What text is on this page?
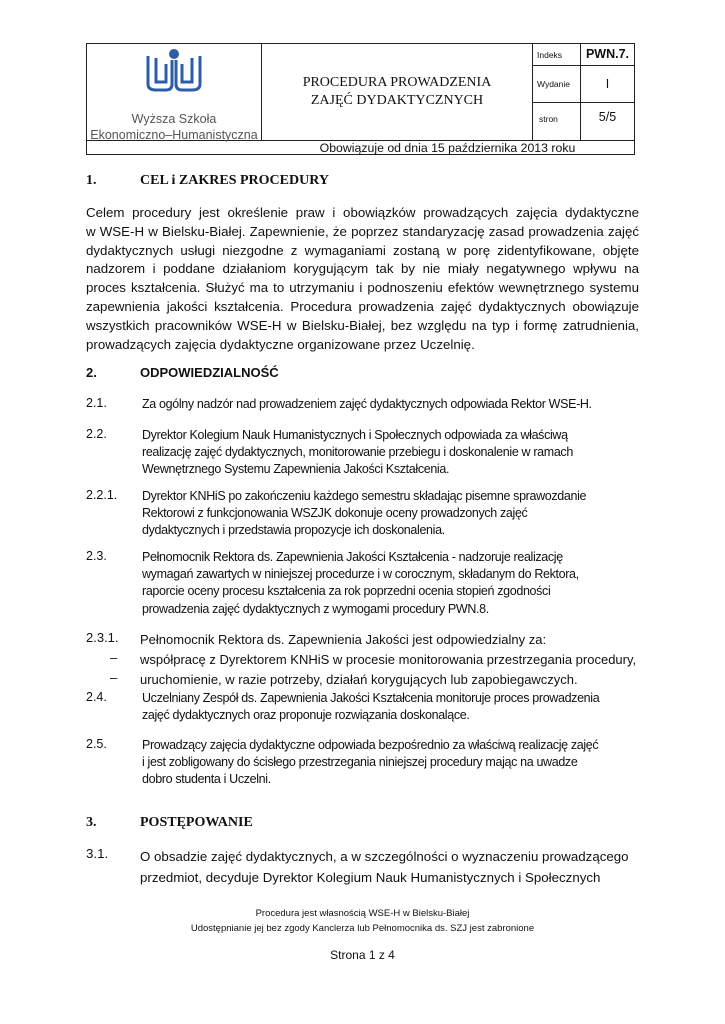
Wyższa Szkoła
Ekonomiczno–Humanistyczna
PROCEDURA PROWADZENIA
ZAJĘĆ DYDAKTYCZNYCH
Indeks	PWN.7.
Wydanie	I
stron	5/5
Obowiązuje od dnia 15 października 2013 roku
1.	CEL i ZAKRES PROCEDURY
Celem procedury jest określenie praw i obowiązków prowadzących zajęcia dydaktyczne
w WSE-H w Bielsku-Białej. Zapewnienie, że poprzez standaryzację zasad prowadzenia zajęć
dydaktycznych usługi niezgodne z wymaganiami zostaną w porę zidentyfikowane, objęte
nadzorem i poddane działaniom korygującym tak by nie miały negatywnego wpływu na
proces kształcenia. Służyć ma to utrzymaniu i podnoszeniu efektów wewnętrznego systemu
zapewnienia jakości kształcenia. Procedura prowadzenia zajęć dydaktycznych obowiązuje
wszystkich pracowników WSE-H w Bielsku-Białej, bez względu na typ i formę zatrudnienia,
prowadzących zajęcia dydaktyczne organizowane przez Uczelnię.
2.	ODPOWIEDZIALNOŚĆ
2.1.	Za ogólny nadzór nad prowadzeniem zajęć dydaktycznych odpowiada Rektor WSE-H.
2.2.	Dyrektor Kolegium Nauk Humanistycznych i Społecznych odpowiada za właściwą
realizację zajęć dydaktycznych, monitorowanie przebiegu i doskonalenie w ramach
Wewnętrznego Systemu Zapewnienia Jakości Kształcenia.
2.2.1. Dyrektor KNHiS po zakończeniu każdego semestru składając pisemne sprawozdanie
Rektorowi z funkcjonowania WSZJK dokonuje oceny prowadzonych zajęć
dydaktycznych i przedstawia propozycje ich doskonalenia.
2.3.	Pełnomocnik Rektora ds. Zapewnienia Jakości Kształcenia - nadzoruje realizację
wymagań zawartych w niniejszej procedurze i w corocznym, składanym do Rektora,
raporcie oceny procesu kształcenia za rok poprzedni ocenia stopień zgodności
prowadzenia zajęć dydaktycznych z wymogami procedury PWN.8.
2.3.1. Pełnomocnik Rektora ds. Zapewnienia Jakości jest odpowiedzialny za:
– współpracę z Dyrektorem KNHiS w procesie monitorowania przestrzegania procedury,
– uruchomienie, w razie potrzeby, działań korygujących lub zapobiegawczych.
2.4.	Uczelniany Zespół ds. Zapewnienia Jakości Kształcenia monitoruje proces prowadzenia
zajęć dydaktycznych oraz proponuje rozwiązania doskonalące.
2.5.	Prowadzący zajęcia dydaktyczne odpowiada bezpośrednio za właściwą realizację zajęć
i jest zobligowany do ścisłego przestrzegania niniejszej procedury mając na uwadze
dobro studenta i Uczelni.
3.	POSTĘPOWANIE
3.1. O obsadzie zajęć dydaktycznych, a w szczególności o wyznaczeniu prowadzącego
przedmiot, decyduje Dyrektor Kolegium Nauk Humanistycznych i Społecznych
Procedura jest własnością WSE-H w Bielsku-Białej
Udostępnianie jej bez zgody Kanclerza lub Pełnomocnika ds. SZJ jest zabronione
Strona 1 z 4
